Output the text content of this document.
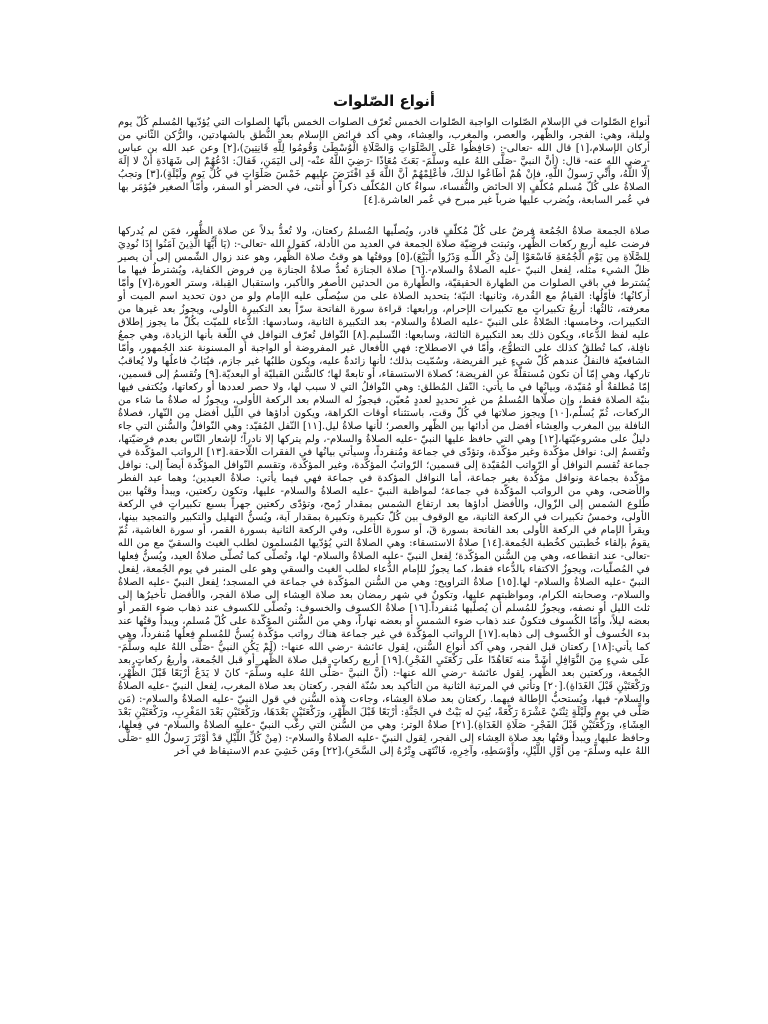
أنواع الصّلوات

أنواع الصّلوات في الإسلام الصّلوات الواجبة الصّلوات الخمس تُعرّف الصلوات الخمس بأنّها الصلوات التي يُؤدّيها المُسلم كُلّ يوم وليلة، وهي: الفجر، والظّهر، والعصر، والمغرب، والعِشاء، وهي أكد فرائض الإسلام بعد النُّطق بالشهادتين، والرُّكن الثّاني من أركان الإسلام،[١] قال الله -تعالى-: (حَافِظُوا عَلَى الصَّلَوَاتِ وَالصَّلَاةِ الْوُسْطَىٰ وَقُومُوا لِلَّهِ قَانِتِينَ)،[٢] وعن عبد الله بن عباس -رضي الله عنه- قال: (أنَّ النبيَّ -صَلَّى اللهُ عليه وسلَّمَ- بَعَثَ مُعَاذًا -رَضِيَ اللَّهُ عنْه- إلى اليَمَنِ، فَقالَ: ادْعُهُمْ إلى شَهَادَةِ أنْ لا إلَهَ إلَّا اللَّهُ، وأَنِّي رَسولُ اللَّهِ، فإنْ هُمْ أطَاعُوا لذلكَ، فأعْلِمْهُمْ أنَّ اللَّهَ قَدِ افْتَرَضَ عليهم خَمْسَ صَلَوَاتٍ في كُلِّ يَومٍ ولَيْلَةٍ)،[٣] وتجبُ الصلاةُ على كُلّ مُسلم مُكلّفٍ إلا الحائض والنُّفساء، سواءٌ كان المُكلّف ذكراً أو أُنثى، في الحضر أو السفر، وأمّا الصغير فيُؤمَر بها في عُمر السابعة، ويُضرب عليها ضرباً غير مبرح في عُمر العاشرة.[٤]

صلاة الجمعة صلاةُ الجُمُعة فرضٌ على كُلّ مُكلّفٍ قادر، ويُصلّيها المُسلمُ ركعتان، ولا تُعدُّ بدلاً عن صلاة الظُّهر، فمَن لم يُدركها فرضت عليه أربع ركعات الظُّهر، وثبتت فرضيّة صلاة الجمعة في العديد من الأدلة، كقول الله -تعالى-: (يَا أَيُّهَا الَّذِينَ آمَنُوا إِذَا نُودِيَ لِلصَّلَاةِ مِن يَوْمِ الْجُمُعَةِ فَاسْعَوْا إِلَىٰ ذِكْرِ اللَّـهِ وَذَرُوا الْبَيْعَ)،[٥] ووقتُها هو وقتُ صلاة الظُّهر، وهو عند زوال الشّمس إلى أن يصير ظلّ الشيء مثله، لِفعل النبيّ -عليه الصلاةُ والسلام-.[٦] صلاة الجنازة تُعدُّ صلاةُ الجنازة مِن فروض الكفاية، ويُشترطُ فيها ما يُشترط في باقي الصلوات من الطهارة الحقيقيّة، والطّهارة من الحدثين الأصغر والأكبر، واستقبال القِبلة، وستر العورة،[٧] وأمّا أركانُها؛ فأوّلُها: القيامُ مع القُدرة، وثانيها: النيّة؛ بتحديد الصلاة على من سيُصلّى عليه الإمام ولو من دون تحديد اسم الميت أو معرفته، ثالثُها: أربعُ تكبيراتٍ مع تكبيرات الإحرام، ورابعها: قراءة سورة الفاتحة سرّاً بعد التكبيرة الأولى، ويجوزُ بعد غيرها من التكبيرات، وخامسها: الصّلاةُ على النبيّ -عليه الصلاةُ والسلام- بعد التكبيرة الثانية، وسادسها: الدُّعاء للميّت بكُلّ ما يجوز إطلاق عليه لفظ الدُّعاء، ويكون ذلك بعد التكبيرة الثالثة، وسابعها: التّسليم.[٨] النّوافل تُعرّف النوافل في اللّغة بأنها الزيادة، وهي جمعُ نافِلة، كما تُطلقُ كذلك على التطوُّع، وأمّا في الاصطلاح: فهي الأفعال غير المفروضة أو الواجبة أو المسنونة عند الجُمهور، وأمّا الشافعيّة فالنفلُ عندهم كُلّ شيءٍ غير الفريضة، وسُمّيت بذلك؛ لأنها زائدةٌ عليه، ويكون طلبُها غير جازم، فيُثابُ فاعلُها ولا يُعاقبُ تاركها، وهي إمّا أن تكون مُستقلّةً عن الفريضة؛ كصلاة الاستسقاء، أو تابعةً لها؛ كالسُّنن القبليّة أو البعديّة.[٩] وتُقسمُ إلى قسمين، إمّا مُطلقةٌ أو مُقيّدة، وبيانُها في ما يأتي: النّفل المُطلق: وهي النّوافلُ التي لا سبب لها، ولا حصر لعددها أو ركعاتها، ويُكتفى فيها بنيّة الصلاة فقط، وإن صلّاها المُسلمُ من غير تحديدٍ لعددٍ مُعيّن، فيجوزُ له السلام بعد الركعة الأولى، ويجوزُ له صلاةُ ما شاء من الركعات، ثُمّ يُسلّم،[١٠] ويجوز صلاتها في كُلّ وقت، باستثناء أوقات الكراهة، ويكون أداؤها في اللّيل أفضل مِن النّهار، فصلاةُ النافلة بين المغرب والعِشاء أفضل من أدائها بين الظّهر والعصر؛ لأنها صلاةُ ليل.[١١] النّفل المُقيّد: وهي النّوافلُ والسُّنن التي جاء دليلٌ على مشروعيّتها،[١٢] وهي التي حافظ عليها النبيّ -عليه الصلاةُ والسلام-، ولم يتركها إلا نادراً؛ لإشعار النّاس بعدم فرضيّتها، وتُقسمُ إلى: نوافل مؤكّدة وغير مؤكّدة، وتؤدّى في جماعة ومُنفرداً، وسيأتي بيانُها في الفقرات اللّاحقة.[١٣] الرواتب المؤكّدة في جماعة تُقسم النوافل أو الرّواتب المُقيّدة إلى قسمين؛ الرّواتبُ المؤكّدة، وغير المؤكّدة، وتقسم النّوافل المؤكّدة أيضاً إلى: نوافل مؤكّدة بجماعة ونوافل مؤكّدة بغير جماعة، أما النوافل المؤكدة في جماعة فهي فيما يأتي: صلاةُ العيدين؛ وهما عيد الفطر والأضحى، وهي من الرواتب المؤكّدة في جماعة؛ لمواظبة النبيّ -عليه الصلاةُ والسلام- عليها، وتكون ركعتين، ويبدأ وقتُها بين طُلوع الشمس إلى الزّوال، والأفضل أداؤها بعد ارتفاع الشمس بمقدار رُمح، وتؤدّى ركعتين جهراً بسبع تكبيراتٍ في الركعة الأولى، وخمسُ تكبيرات في الركعة الثانية، مع الوقوف بين كُلّ تكبيرة وتكبيرة بمقدار آية، ويُسنُّ التهليل والتكبير والتمجيد بينها، ويقرأ الإمام في الركعة الأولى بعد الفاتحة بسورة قٓ، أو سورة الأعلى، وفي الركعة الثانية بسورة القمر، أو سورة الغاشية، ثُمّ يقومُ بإلقاء خُطبتين كخُطبة الجُمعة.[١٤] صلاةُ الاستسقاء: وهي الصلاةُ التي يُؤدّيها المُسلمون لطلب الغيث والسقيّ مع من الله -تعالى- عند انقطاعه، وهي مِن السُّنن المؤكّدة؛ لِفعل النبيّ -عليه الصلاةُ والسلام- لها، وتُصلّى كما تُصلّى صلاةُ العيد، ويُسنُّ فِعلها في المُصلّيات، ويجوزُ الاكتفاء بالدُّعاء فقط، كما يجوزُ للإمام الدُّعاء لطلب الغيث والسقي وهو على المنبر في يوم الجُمعة، لِفعل النبيّ -عليه الصلاةُ والسلام- لها.[١٥] صلاةُ التراويح: وهي من السُّنن المؤكّدة في جماعة في المسجد؛ لِفعل النبيّ -عليه الصلاةُ والسلام-، وصحابته الكرام، ومواظبتهم عليها، وتكونُ في شهر رمضان بعد صلاة العِشاء إلى صلاة الفجر، والأفضل تأخيرُها إلى ثلث الليل أو نصفه، ويجوزُ للمُسلم أن يُصلّيها مُنفرداً.[١٦] صلاةُ الكسوف والخسوف: وتُصلّى للكسوف عند ذهاب ضوء القمر أو بعضه ليلاً، وأمّا الكُسوف فتكونُ عند ذهاب ضوء الشمس أو بعضه نهاراً، وهي من السُّنن المؤكّدة على كُلّ مُسلم، ويبدأ وقتُها عند بدء الخُسوف أو الكُسوف إلى ذهابه.[١٧] الرواتب المؤكّدة في غير جماعة هناك رواتب مؤكّدة يُسنُّ للمُسلم فِعلُها مُنفرداً، وهي كما يأتي:[١٨] ركعتان قبل الفجر، وهي آكد أنواع السُّنن، لِقول عائشة -رضي الله عنها-: (لَمْ يَكُنِ النبيُّ -صَلَّى اللهُ عليه وسلَّمَ- علَى شيءٍ مِنَ النَّوَافِلِ أشَدَّ منه تَعَاهُدًا علَى رَكْعَتَيِ الفَجْرِ).[١٩] أربع ركعاتٍ قبل صلاة الظُّهر أو قبل الجُمعة، وأربعُ ركعاتٍ بعد الجُمعة، وركعتين بعد الظُّهر، لِقول عائشة -رضي الله عنها-: (أنَّ النبيَّ -صَلَّى اللهُ عليه وسلَّمَ- كانَ لا يَدَعُ أرْبَعًا قَبْلَ الظُّهْرِ، ورَكْعَتَيْنِ قَبْلَ الغَدَاةِ).[٢٠] وتأتي في المرتبة الثانية من التأكيد بعد سُنّة الفجر. ركعتان بعد صلاة المغرب، لِفعل النبيّ -عليه الصلاةُ والسلام- فيها، ويُستحبُّ الإطالة فيهما. ركعتان بعد صلاة العِشاء، وجاءت هذه السُّنن في قول النبيّ -عليه الصلاةُ والسلام-: (مَن صَلَّى في يومٍ ولَيْلَةٍ ثِنْتَيْ عَشْرَةَ رَكْعَةً، بُنِيَ له بَيْتٌ في الجَنَّةِ: أرْبَعًا قَبْلَ الظُّهْرِ، ورَكْعَتَيْنِ بَعْدَهَا، ورَكْعَتَيْنِ بَعْدَ المَغْرِبِ، ورَكْعَتَيْنِ بَعْدَ العِشَاءِ، ورَكْعَتَيْنِ قَبْلَ الفَجْرِ- صَلَاةِ الغَدَاةِ).[٢١] صلاةُ الوتر: وهي من السُّنن التي رغّب النبيّ -عليه الصلاةُ والسلام- في فِعلها، وحافظ عليها، ويبدأ وقتُها بعد صلاة العِشاء إلى الفجر، لِقول النبيّ -عليه الصلاةُ والسلام-: (مِنْ كُلِّ اللَّيْلِ قدْ أوْتَرَ رَسولُ اللهِ -صَلَّى اللهُ عليه وسلَّمَ- مِن أوَّلِ اللَّيْلِ، وأَوْسَطِهِ، وآخِرِهِ، فَانْتَهَى وِتْرُهُ إلى السَّحَرِ)،[٢٢] ومَن خَشِيَ عدم الاستيقاظ في آخر
